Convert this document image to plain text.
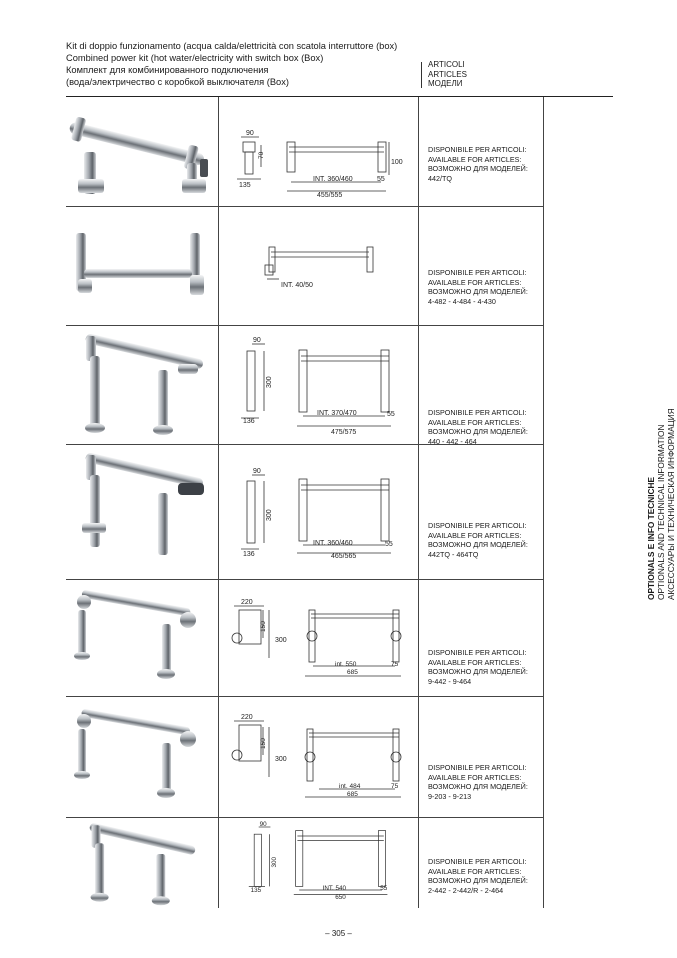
Kit di doppio funzionamento (acqua calda/elettricità con scatola interruttore (box)
Combined power kit (hot water/electricity with switch box (Box)
Комплект для комбинированного подключения
(вода/электричество с коробкой выключателя (Box)
ARTICOLI
ARTICLES
МОДЕЛИ
90
70
135
100
INT. 360/460	55
455/555
DISPONIBILE PER ARTICOLI:
AVAILABLE FOR ARTICLES:
ВОЗМОЖНО ДЛЯ МОДЕЛЕЙ:
442/TQ
INT. 40/50
DISPONIBILE PER ARTICOLI:
AVAILABLE FOR ARTICLES:
ВОЗМОЖНО ДЛЯ МОДЕЛЕЙ:
4-482 - 4-484 - 4-430
90
300
136
INT. 370/470	55
475/575
DISPONIBILE PER ARTICOLI:
AVAILABLE FOR ARTICLES:
ВОЗМОЖНО ДЛЯ МОДЕЛЕЙ:
440 - 442 - 464
90
300
136
INT. 360/460	55
465/565
DISPONIBILE PER ARTICOLI:
AVAILABLE FOR ARTICLES:
ВОЗМОЖНО ДЛЯ МОДЕЛЕЙ:
442TQ - 464TQ
220
150
300
int. 550	75
685
DISPONIBILE PER ARTICOLI:
AVAILABLE FOR ARTICLES:
ВОЗМОЖНО ДЛЯ МОДЕЛЕЙ:
9-442 - 9-464
220
150
300
int. 484	75
685
DISPONIBILE PER ARTICOLI:
AVAILABLE FOR ARTICLES:
ВОЗМОЖНО ДЛЯ МОДЕЛЕЙ:
9-203 - 9-213
90
300
135	INT. 540	55
650
DISPONIBILE PER ARTICOLI:
AVAILABLE FOR ARTICLES:
ВОЗМОЖНО ДЛЯ МОДЕЛЕЙ:
2-442 - 2-442/R - 2-464
OPTIONALS E INFO TECNICHE OPTIONALS AND TECHNICAL INFORMATION АКСЕССУАРЫ И ТЕХНИЧЕСКАЯ ИНФОРМАЦИЯ
– 305 –
